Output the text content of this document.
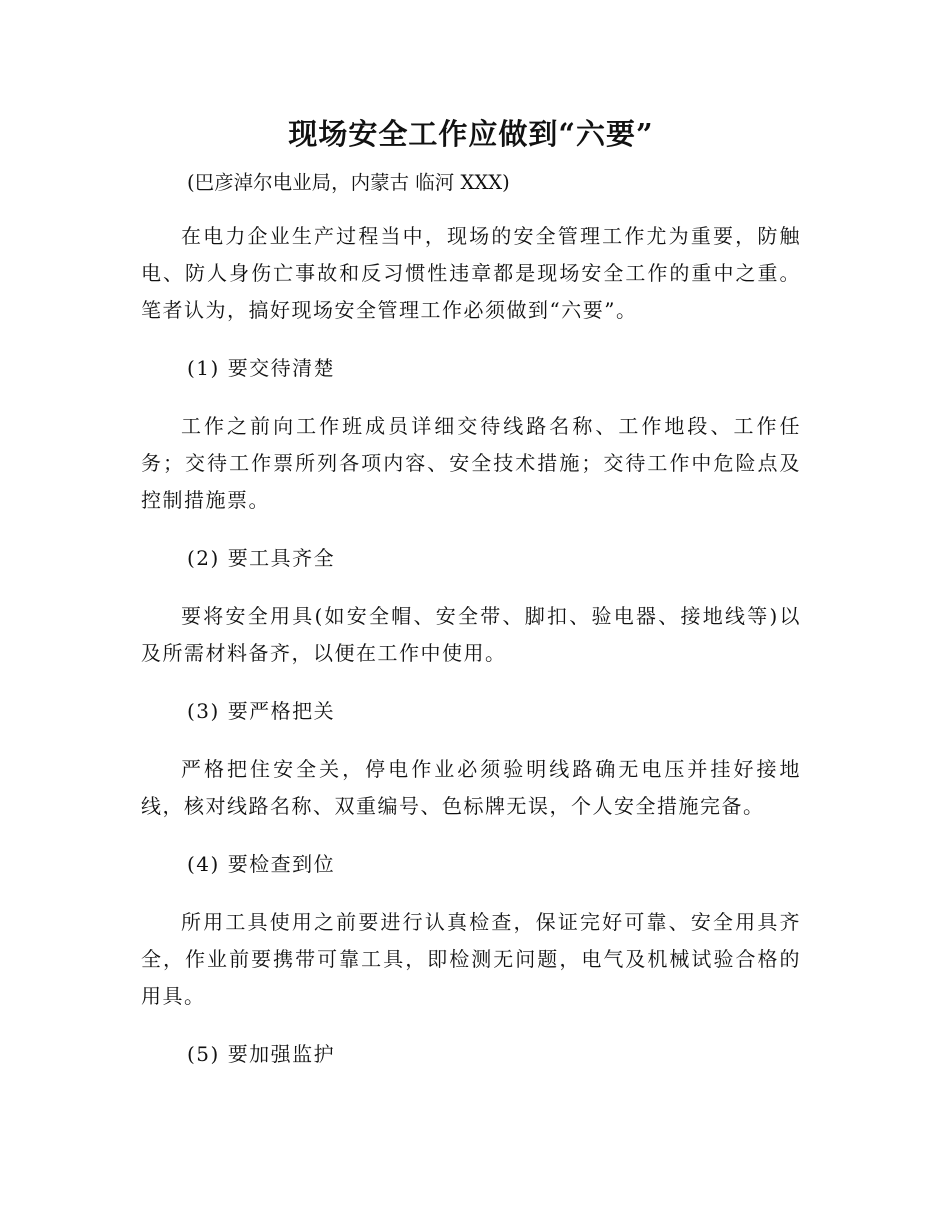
现场安全工作应做到“六要”

(巴彦淖尔电业局，内蒙古 临河 XXX)

在电力企业生产过程当中，现场的安全管理工作尤为重要，防触电、防人身伤亡事故和反习惯性违章都是现场安全工作的重中之重。笔者认为，搞好现场安全管理工作必须做到“六要”。

(1) 要交待清楚

工作之前向工作班成员详细交待线路名称、工作地段、工作任务；交待工作票所列各项内容、安全技术措施；交待工作中危险点及控制措施票。

(2) 要工具齐全

要将安全用具(如安全帽、安全带、脚扣、验电器、接地线等)以及所需材料备齐，以便在工作中使用。

(3) 要严格把关

严格把住安全关，停电作业必须验明线路确无电压并挂好接地线，核对线路名称、双重编号、色标牌无误，个人安全措施完备。

(4) 要检查到位

所用工具使用之前要进行认真检查，保证完好可靠、安全用具齐全，作业前要携带可靠工具，即检测无问题，电气及机械试验合格的用具。

(5) 要加强监护
